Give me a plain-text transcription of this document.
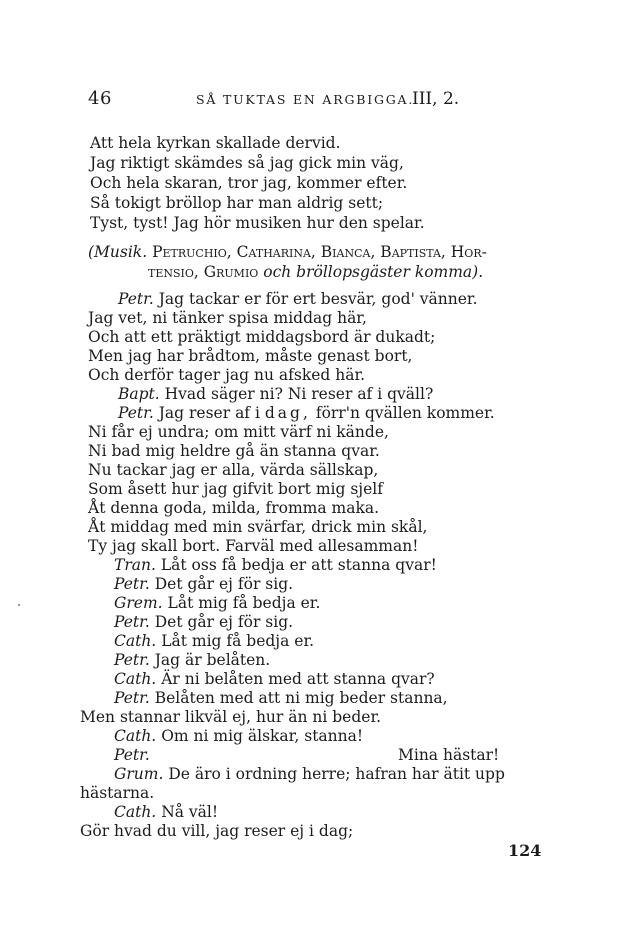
46	SÅ TUKTAS EN ARGBIGGA.
III, 2.
Att hela kyrkan skallade dervid.
Jag riktigt skämdes så jag gick min väg,
Och hela skaran, tror jag, kommer efter.
Så tokigt bröllop har man aldrig sett;
Tyst, tyst! Jag hör musiken hur den spelar.
(Musik. Petruchio, Catharina, Bianca, Baptista, Hor-
tensio, Grumio och bröllopsgäster komma).
Petr. Jag tackar er för ert besvär, god' vänner.
Jag vet, ni tänker spisa middag här,
Och att ett präktigt middagsbord är dukadt;
Men jag har brådtom, måste genast bort,
Och derför tager jag nu afsked här.
Bapt. Hvad säger ni? Ni reser af i qväll?
Petr. Jag reser af i dag, förr'n qvällen kommer.
Ni får ej undra; om mitt värf ni kände,
Ni bad mig heldre gå än stanna qvar.
Nu tackar jag er alla, värda sällskap,
Som åsett hur jag gifvit bort mig sjelf
Åt denna goda, milda, fromma maka.
Åt middag med min svärfar, drick min skål,
Ty jag skall bort. Farväl med allesamman!
Tran. Låt oss få bedja er att stanna qvar!
Petr. Det går ej för sig.
Grem. Låt mig få bedja er.
Petr. Det går ej för sig.
Cath. Låt mig få bedja er.
Petr. Jag är belåten.
Cath. Är ni belåten med att stanna qvar?
Petr. Belåten med att ni mig beder stanna,
Men stannar likväl ej, hur än ni beder.
Cath. Om ni mig älskar, stanna!
Petr.	Mina hästar!
Grum. De äro i ordning herre; hafran har ätit upp
hästarna.
Cath. Nå väl!
Gör hvad du vill, jag reser ej i dag;
124
